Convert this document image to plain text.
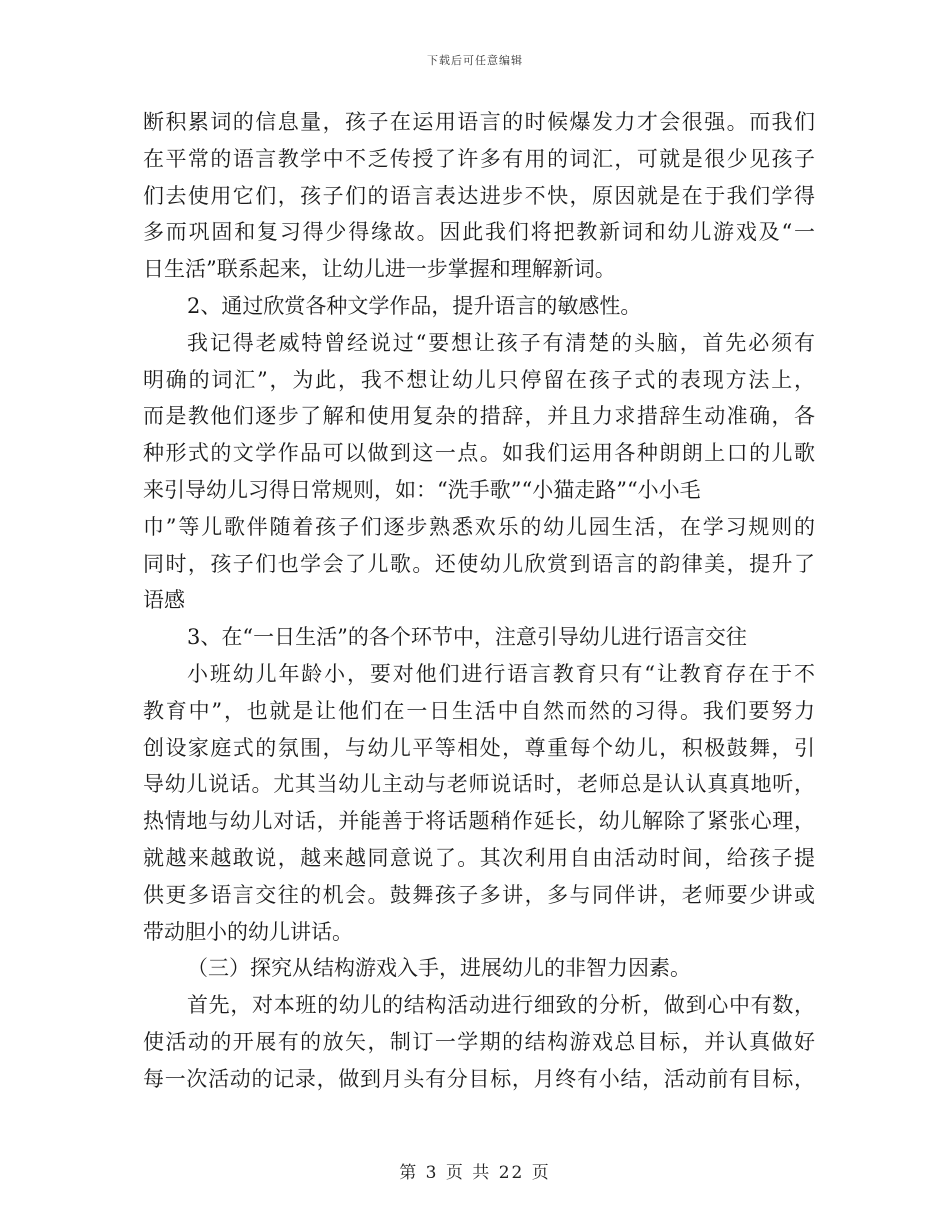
下载后可任意编辑
断积累词的信息量，孩子在运用语言的时候爆发力才会很强。而我们
在平常的语言教学中不乏传授了许多有用的词汇，可就是很少见孩子
们去使用它们，孩子们的语言表达进步不快，原因就是在于我们学得
多而巩固和复习得少得缘故。因此我们将把教新词和幼儿游戏及“一
日生活”联系起来，让幼儿进一步掌握和理解新词。
2、通过欣赏各种文学作品，提升语言的敏感性。
我记得老威特曾经说过“要想让孩子有清楚的头脑，首先必须有
明确的词汇”，为此，我不想让幼儿只停留在孩子式的表现方法上，
而是教他们逐步了解和使用复杂的措辞，并且力求措辞生动准确，各
种形式的文学作品可以做到这一点。如我们运用各种朗朗上口的儿歌
来引导幼儿习得日常规则，如：“洗手歌”“小猫走路”“小小毛
巾”等儿歌伴随着孩子们逐步熟悉欢乐的幼儿园生活，在学习规则的
同时，孩子们也学会了儿歌。还使幼儿欣赏到语言的韵律美，提升了
语感
3、在“一日生活”的各个环节中，注意引导幼儿进行语言交往
小班幼儿年龄小，要对他们进行语言教育只有“让教育存在于不
教育中”，也就是让他们在一日生活中自然而然的习得。我们要努力
创设家庭式的氛围，与幼儿平等相处，尊重每个幼儿，积极鼓舞，引
导幼儿说话。尤其当幼儿主动与老师说话时，老师总是认认真真地听，
热情地与幼儿对话，并能善于将话题稍作延长，幼儿解除了紧张心理，
就越来越敢说，越来越同意说了。其次利用自由活动时间，给孩子提
供更多语言交往的机会。鼓舞孩子多讲，多与同伴讲，老师要少讲或
带动胆小的幼儿讲话。
（三）探究从结构游戏入手，进展幼儿的非智力因素。
首先，对本班的幼儿的结构活动进行细致的分析，做到心中有数，
使活动的开展有的放矢，制订一学期的结构游戏总目标，并认真做好
每一次活动的记录，做到月头有分目标，月终有小结，活动前有目标，
第 3 页 共 22 页
